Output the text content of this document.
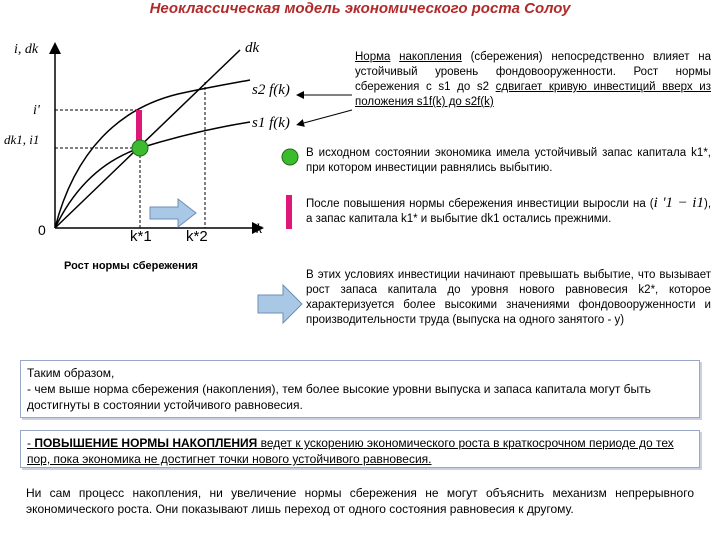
Неоклассическая модель экономического роста Солоу
i, dk
i'
dk1, i1
0	k
dk
s2 f(k)
s1 f(k)
k*1 k*2
Рост нормы сбережения
Норма накопления (сбережения) непосредственно влияет на устойчивый уровень фондовооруженности. Рост нормы сбережения с s1 до s2 сдвигает кривую инвестиций вверх из положения s1f(k) до s2f(k)
В исходном состоянии экономика имела устойчивый запас капитала k1*, при котором инвестиции равнялись выбытию.
После повышения нормы сбережения инвестиции выросли на (i '1 − i1), а запас капитала k1* и выбытие dk1 остались прежними.
В этих условиях инвестиции начинают превышать выбытие, что вызывает рост запаса капитала до уровня нового равновесия k2*, которое характеризуется более высокими значениями фондовооруженности и производительности труда (выпуска на одного занятого - y)
Таким образом,
- чем выше норма сбережения (накопления), тем более высокие уровни выпуска и запаса капитала могут быть достигнуты в состоянии устойчивого равновесия.
- ПОВЫШЕНИЕ НОРМЫ НАКОПЛЕНИЯ ведет к ускорению экономического роста в краткосрочном периоде до тех пор, пока экономика не достигнет точки нового устойчивого равновесия.
Ни сам процесс накопления, ни увеличение нормы сбережения не могут объяснить механизм непрерывного экономического роста. Они показывают лишь переход от одного состояния равновесия к другому.
